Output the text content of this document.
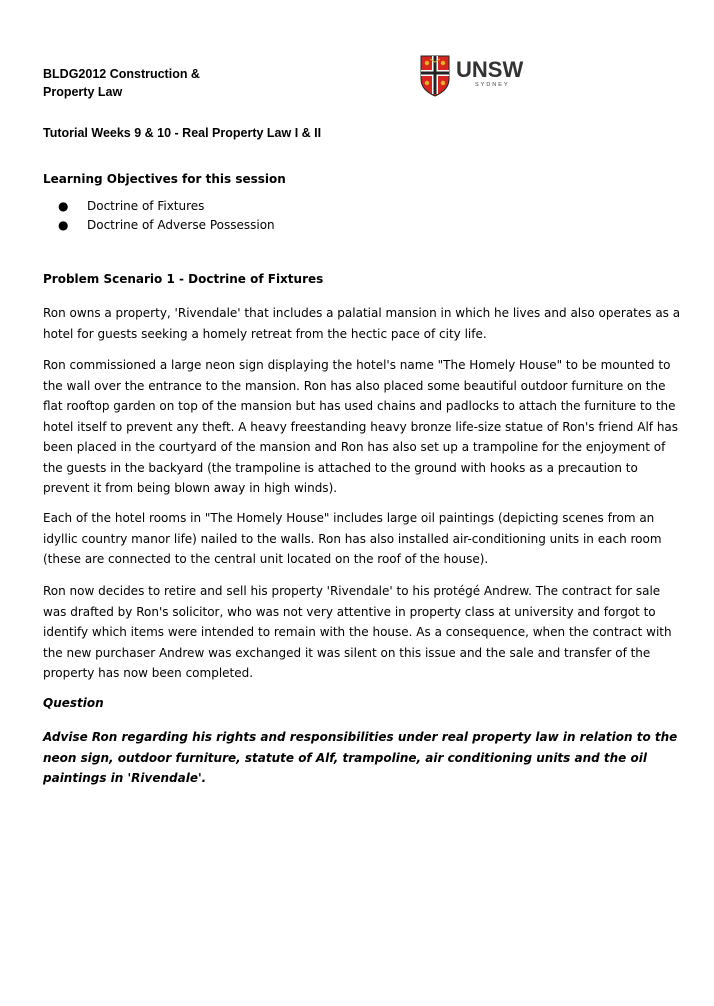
BLDG2012 Construction &
Property Law
UNSW
SYDNEY
Tutorial Weeks 9 & 10 - Real Property Law I & II
Learning Objectives for this session
● Doctrine of Fixtures
● Doctrine of Adverse Possession
Problem Scenario 1 - Doctrine of Fixtures

Ron owns a property, 'Rivendale' that includes a palatial mansion in which he lives and also operates as a hotel for guests seeking a homely retreat from the hectic pace of city life.

Ron commissioned a large neon sign displaying the hotel's name "The Homely House" to be mounted to the wall over the entrance to the mansion. Ron has also placed some beautiful outdoor furniture on the flat rooftop garden on top of the mansion but has used chains and padlocks to attach the furniture to the hotel itself to prevent any theft. A heavy freestanding heavy bronze life-size statue of Ron's friend Alf has been placed in the courtyard of the mansion and Ron has also set up a trampoline for the enjoyment of the guests in the backyard (the trampoline is attached to the ground with hooks as a precaution to prevent it from being blown away in high winds).

Each of the hotel rooms in "The Homely House" includes large oil paintings (depicting scenes from an idyllic country manor life) nailed to the walls. Ron has also installed air-conditioning units in each room (these are connected to the central unit located on the roof of the house).

Ron now decides to retire and sell his property 'Rivendale' to his protégé Andrew. The contract for sale was drafted by Ron's solicitor, who was not very attentive in property class at university and forgot to identify which items were intended to remain with the house. As a consequence, when the contract with the new purchaser Andrew was exchanged it was silent on this issue and the sale and transfer of the property has now been completed.

Question

Advise Ron regarding his rights and responsibilities under real property law in relation to the neon sign, outdoor furniture, statute of Alf, trampoline, air conditioning units and the oil paintings in 'Rivendale'.
